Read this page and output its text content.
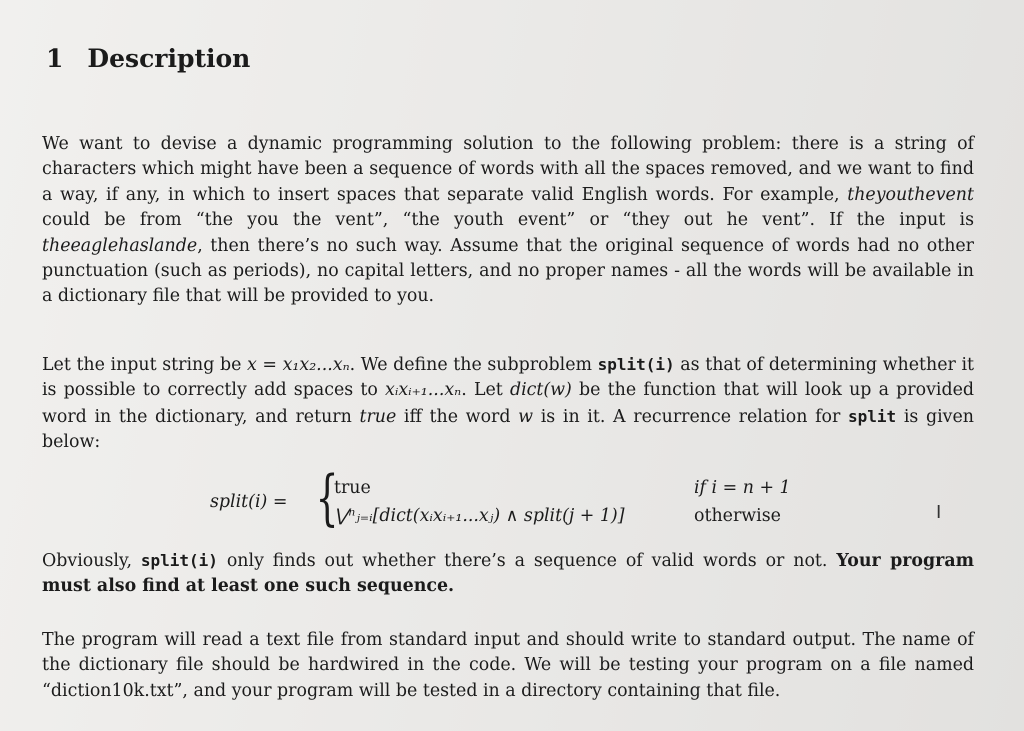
1 Description
We want to devise a dynamic programming solution to the following problem: there is a string of characters which might have been a sequence of words with all the spaces removed, and we want to find a way, if any, in which to insert spaces that separate valid English words. For example, theyouthevent could be from “the you the vent”, “the youth event” or “they out he vent”. If the input is theeaglehaslande, then there’s no such way. Assume that the original sequence of words had no other punctuation (such as periods), no capital letters, and no proper names - all the words will be available in a dictionary file that will be provided to you.
Let the input string be x = x₁x₂...xₙ. We define the subproblem split(i) as that of determining whether it is possible to correctly add spaces to xᵢxᵢ₊₁...xₙ. Let dict(w) be the function that will look up a provided word in the dictionary, and return true iff the word w is in it. A recurrence relation for split is given below:
split(i) = {
true	if i = n + 1
⋁ⁿⱼ₌ᵢ[dict(xᵢxᵢ₊₁...xⱼ) ∧ split(j + 1)]	otherwise	I
Obviously, split(i) only finds out whether there’s a sequence of valid words or not. Your program must also find at least one such sequence.
The program will read a text file from standard input and should write to standard output. The name of the dictionary file should be hardwired in the code. We will be testing your program on a file named “diction10k.txt”, and your program will be tested in a directory containing that file.
